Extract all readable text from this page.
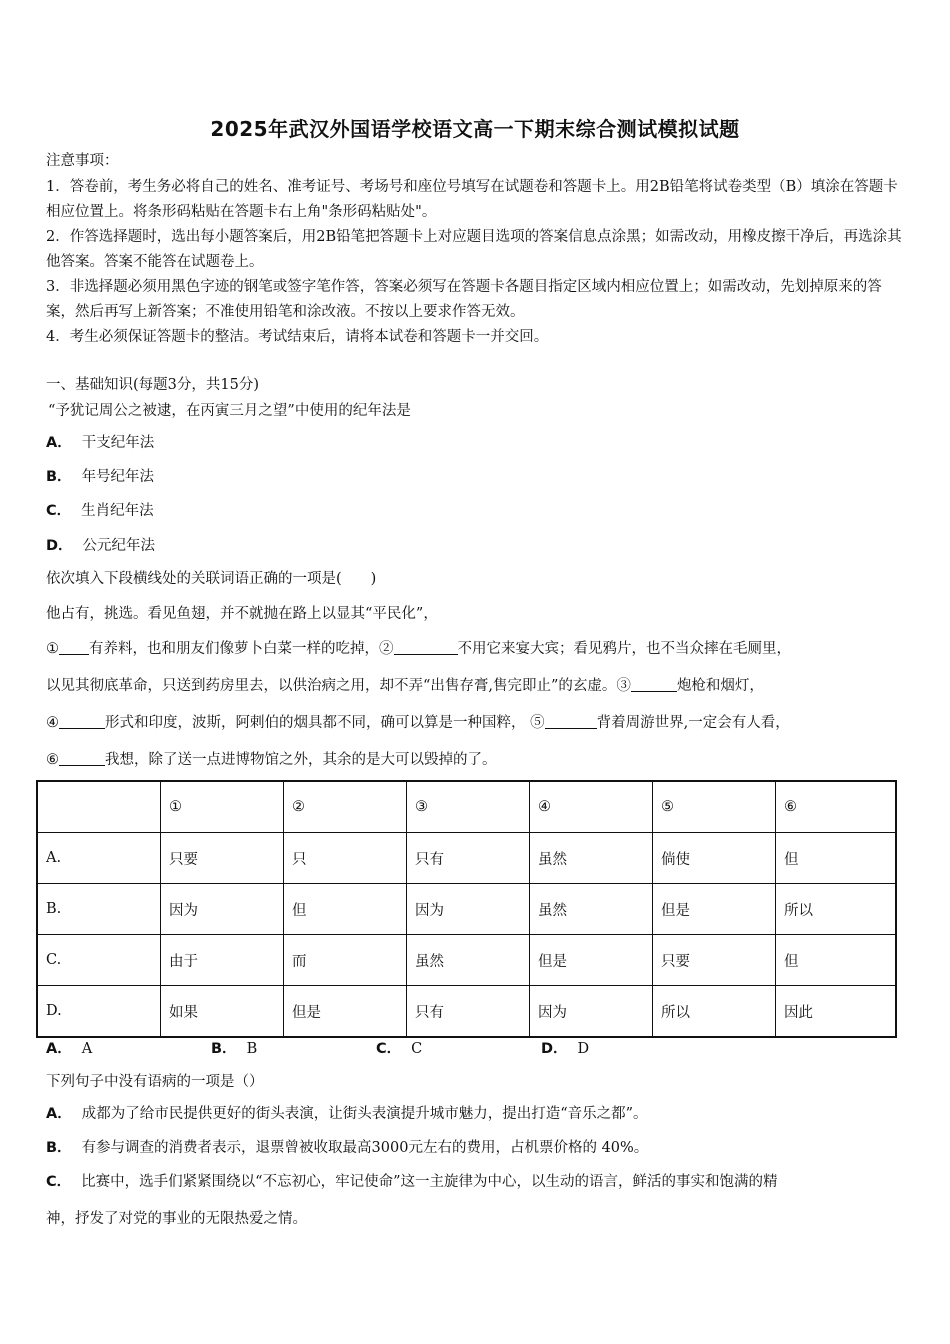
2025年武汉外国语学校语文高一下期末综合测试模拟试题
注意事项：
1．答卷前，考生务必将自己的姓名、准考证号、考场号和座位号填写在试题卷和答题卡上。用2B铅笔将试卷类型（B）填涂在答题卡相应位置上。将条形码粘贴在答题卡右上角"条形码粘贴处"。
2．作答选择题时，选出每小题答案后，用2B铅笔把答题卡上对应题目选项的答案信息点涂黑；如需改动，用橡皮擦干净后，再选涂其他答案。答案不能答在试题卷上。
3．非选择题必须用黑色字迹的钢笔或签字笔作答，答案必须写在答题卡各题目指定区域内相应位置上；如需改动，先划掉原来的答案，然后再写上新答案；不准使用铅笔和涂改液。不按以上要求作答无效。
4．考生必须保证答题卡的整洁。考试结束后，请将本试卷和答题卡一并交回。
一、基础知识(每题3分，共15分)
“予犹记周公之被逮，在丙寅三月之望”中使用的纪年法是
A． 干支纪年法
B． 年号纪年法
C． 生肖纪年法
D． 公元纪年法
依次填入下段横线处的关联词语正确的一项是(　　)
他占有，挑选。看见鱼翅，并不就抛在路上以显其“平民化”，
① 有养料，也和朋友们像萝卜白菜一样的吃掉，②	不用它来宴大宾；看见鸦片，也不当众摔在毛厕里，
以见其彻底革命，只送到药房里去，以供治病之用，却不弄“出售存膏,售完即止”的玄虚。③	炮枪和烟灯，
④	形式和印度，波斯，阿剌伯的烟具都不同，确可以算是一种国粹， ⑤	背着周游世界,一定会有人看，
⑥	我想，除了送一点进博物馆之外，其余的是大可以毁掉的了。
	①	②	③	④	⑤	⑥
A.	只要	只	只有	虽然	倘使	但
B.	因为	但	因为	虽然	但是	所以
C.	由于	而	虽然	但是	只要	但
D.	如果	但是	只有	因为	所以	因此
A． A	B． B	C． C	D． D
下列句子中没有语病的一项是（）
A． 成都为了给市民提供更好的街头表演，让街头表演提升城市魅力，提出打造“音乐之都”。
B． 有参与调查的消费者表示，退票曾被收取最高3000元左右的费用，占机票价格的 40%。
C． 比赛中，选手们紧紧围绕以“不忘初心，牢记使命”这一主旋律为中心，以生动的语言，鲜活的事实和饱满的精
神，抒发了对党的事业的无限热爱之情。
